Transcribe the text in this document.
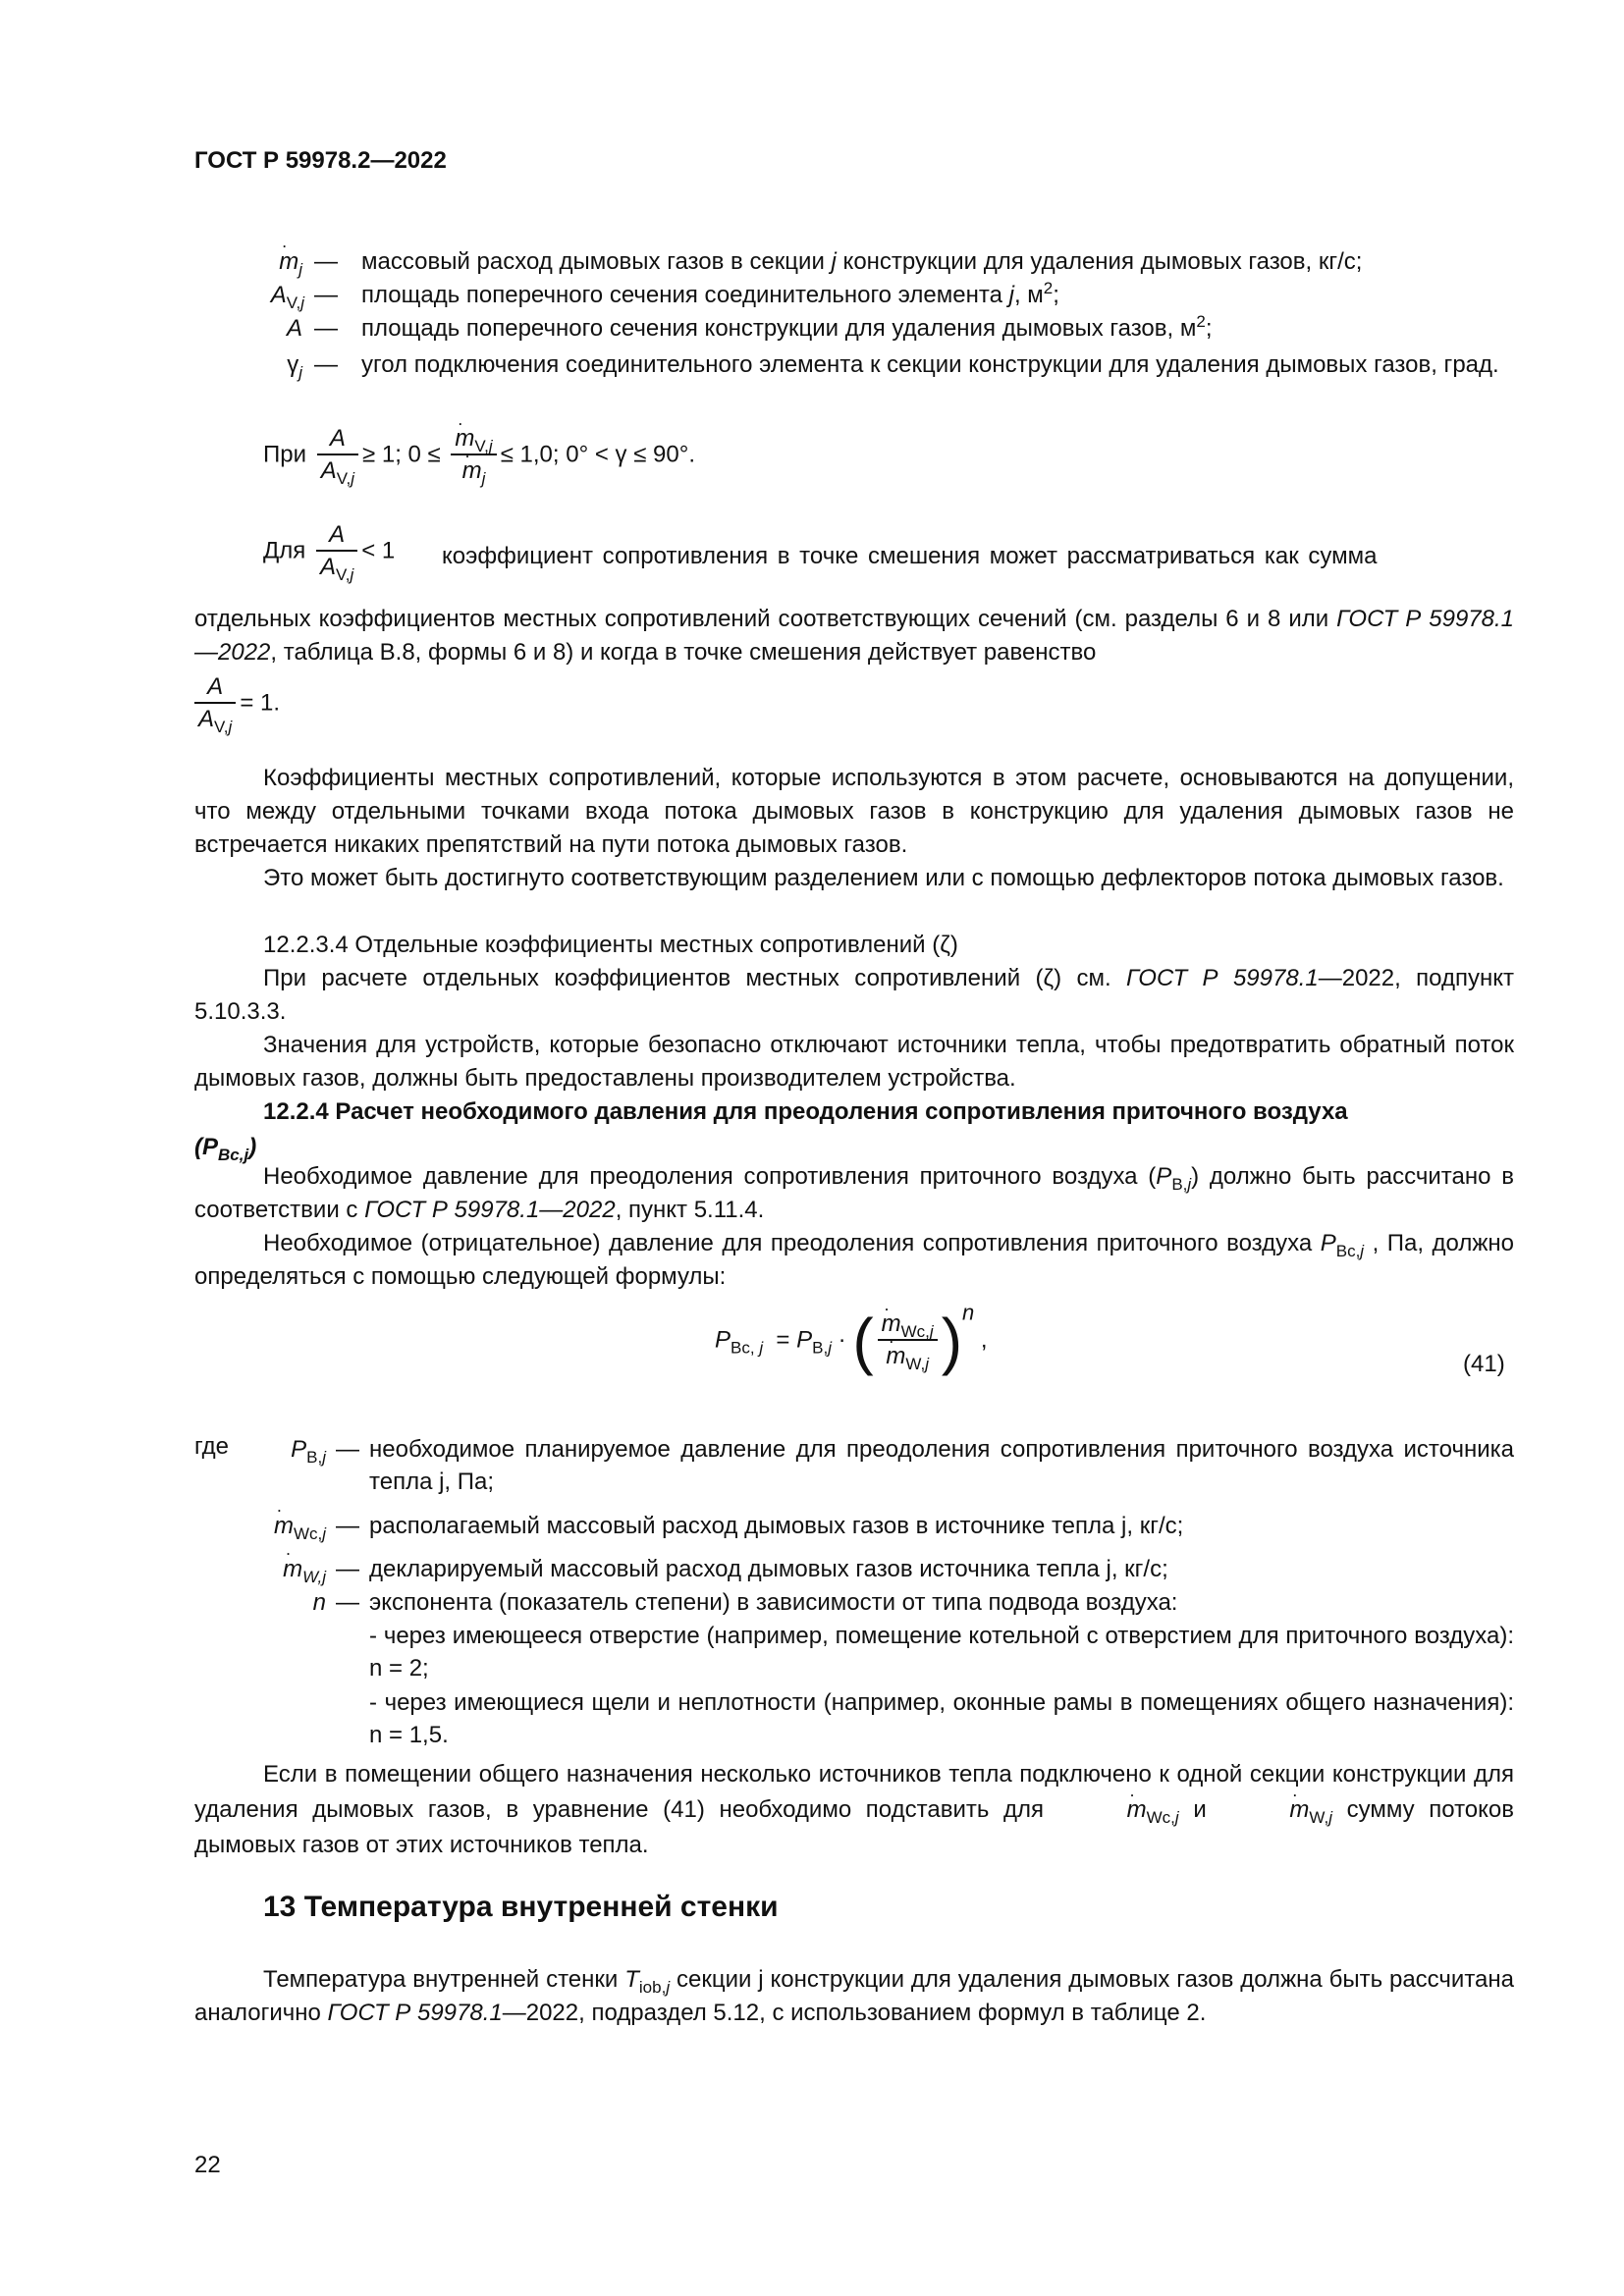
ГОСТ Р 59978.2—2022
∙ $m_j$ — массовый расход дымовых газов в секции j конструкции для удаления дымовых газов, кг/с;
$A_{V,j}$ — площадь поперечного сечения соединительного элемента j, $м^2$;
A — площадь поперечного сечения конструкции для удаления дымовых газов, $м^2$;
$\gamma_j$ — угол подключения соединительного элемента к секции конструкции для удаления дымовых газов, град.
При $\frac{A}{A_{V,j}} \ge 1$; 0 ≤ ∙ $m_{V,j}$
∙ $m_j \le 1,0$; 0° < γ ≤ 90°.
Для $\frac{A}{A_{V,j}} < 1$ коэффициент сопротивления в точке смешения может рассматриваться как сумма

отдельных коэффициентов местных сопротивлений соответствующих сечений (см. разделы 6 и 8 или ГОСТ Р 59978.1—2022, таблица В.8, формы 6 и 8) и когда в точке смешения действует равенство

$\frac{A}{A_{V,j}} = 1$.

Коэффициенты местных сопротивлений, которые используются в этом расчете, основываются на допущении, что между отдельными точками входа потока дымовых газов в конструкцию для удаления дымовых газов не встречается никаких препятствий на пути потока дымовых газов.

Это может быть достигнуто соответствующим разделением или с помощью дефлекторов потока дымовых газов.

12.2.3.4 Отдельные коэффициенты местных сопротивлений (ζ)

При расчете отдельных коэффициентов местных сопротивлений (ζ) см. ГОСТ Р 59978.1—2022, подпункт 5.10.3.3.

Значения для устройств, которые безопасно отключают источники тепла, чтобы предотвратить обратный поток дымовых газов, должны быть предоставлены производителем устройства.

12.2.4 Расчет необходимого давления для преодоления сопротивления приточного воздуха
$(P_{Bc,j})$

Необходимое давление для преодоления сопротивления приточного воздуха $(P_{B,j})$ должно быть рассчитано в соответствии с ГОСТ Р 59978.1—2022, пункт 5.11.4.

Необходимое (отрицательное) давление для преодоления сопротивления приточного воздуха $P_{Bc,j}$ , Па, должно определяться с помощью следующей формулы:

$P_{Bc, j} = P_{B,j}$ · ( ∙ $m_{Wc,j}$
∙ $m_{W,j}$ )$^n$ ,
(41)
где	$P_{B,j}$ — необходимое планируемое давление для преодоления сопротивления приточного воздуха источника тепла j, Па;
∙ $m_{Wc,j}$ — располагаемый массовый расход дымовых газов в источнике тепла j, кг/с;
∙ $m_{W,j}$ — декларируемый массовый расход дымовых газов источника тепла j, кг/с;
n — экспонента (показатель степени) в зависимости от типа подвода воздуха:
- через имеющееся отверстие (например, помещение котельной с отверстием для приточного воздуха): n = 2;
- через имеющиеся щели и неплотности (например, оконные рамы в помещениях общего назначения): n = 1,5.

Если в помещении общего назначения несколько источников тепла подключено к одной секции конструкции для удаления дымовых газов, в уравнение (41) необходимо подставить для	∙ $m_{Wc,j}$ и	∙ $m_{W,j}$ сумму потоков дымовых газов от этих источников тепла.

13 Температура внутренней стенки

Температура внутренней стенки $T_{iob,j}$ секции j конструкции для удаления дымовых газов должна быть рассчитана аналогично ГОСТ Р 59978.1—2022, подраздел 5.12, с использованием формул в таблице 2.

22
